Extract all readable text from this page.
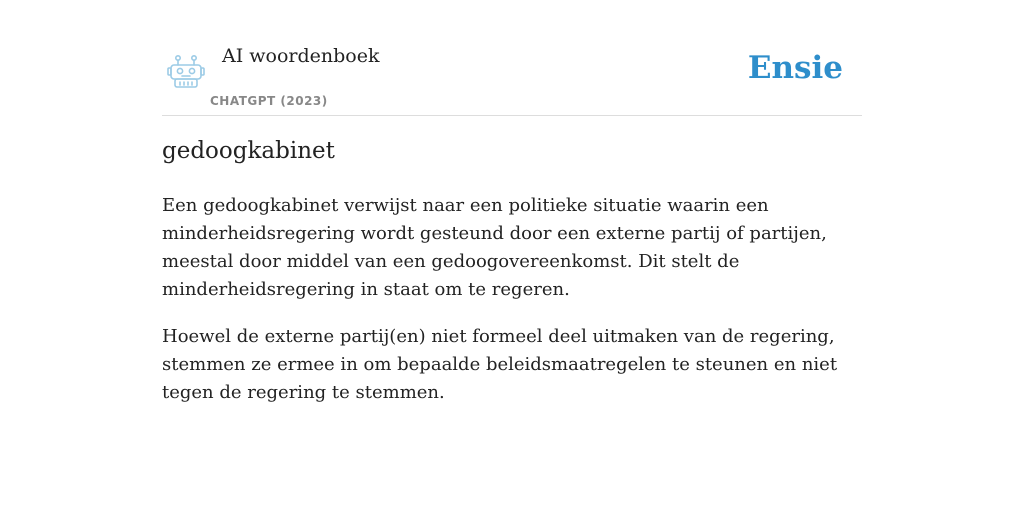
AI woordenboek
CHATGPT (2023)
Ensie
gedoogkabinet

Een gedoogkabinet verwijst naar een politieke situatie waarin een minderheidsregering wordt gesteund door een externe partij of partijen, meestal door middel van een gedoogovereenkomst. Dit stelt de minderheidsregering in staat om te regeren.

Hoewel de externe partij(en) niet formeel deel uitmaken van de regering, stemmen ze ermee in om bepaalde beleidsmaatregelen te steunen en niet tegen de regering te stemmen.
